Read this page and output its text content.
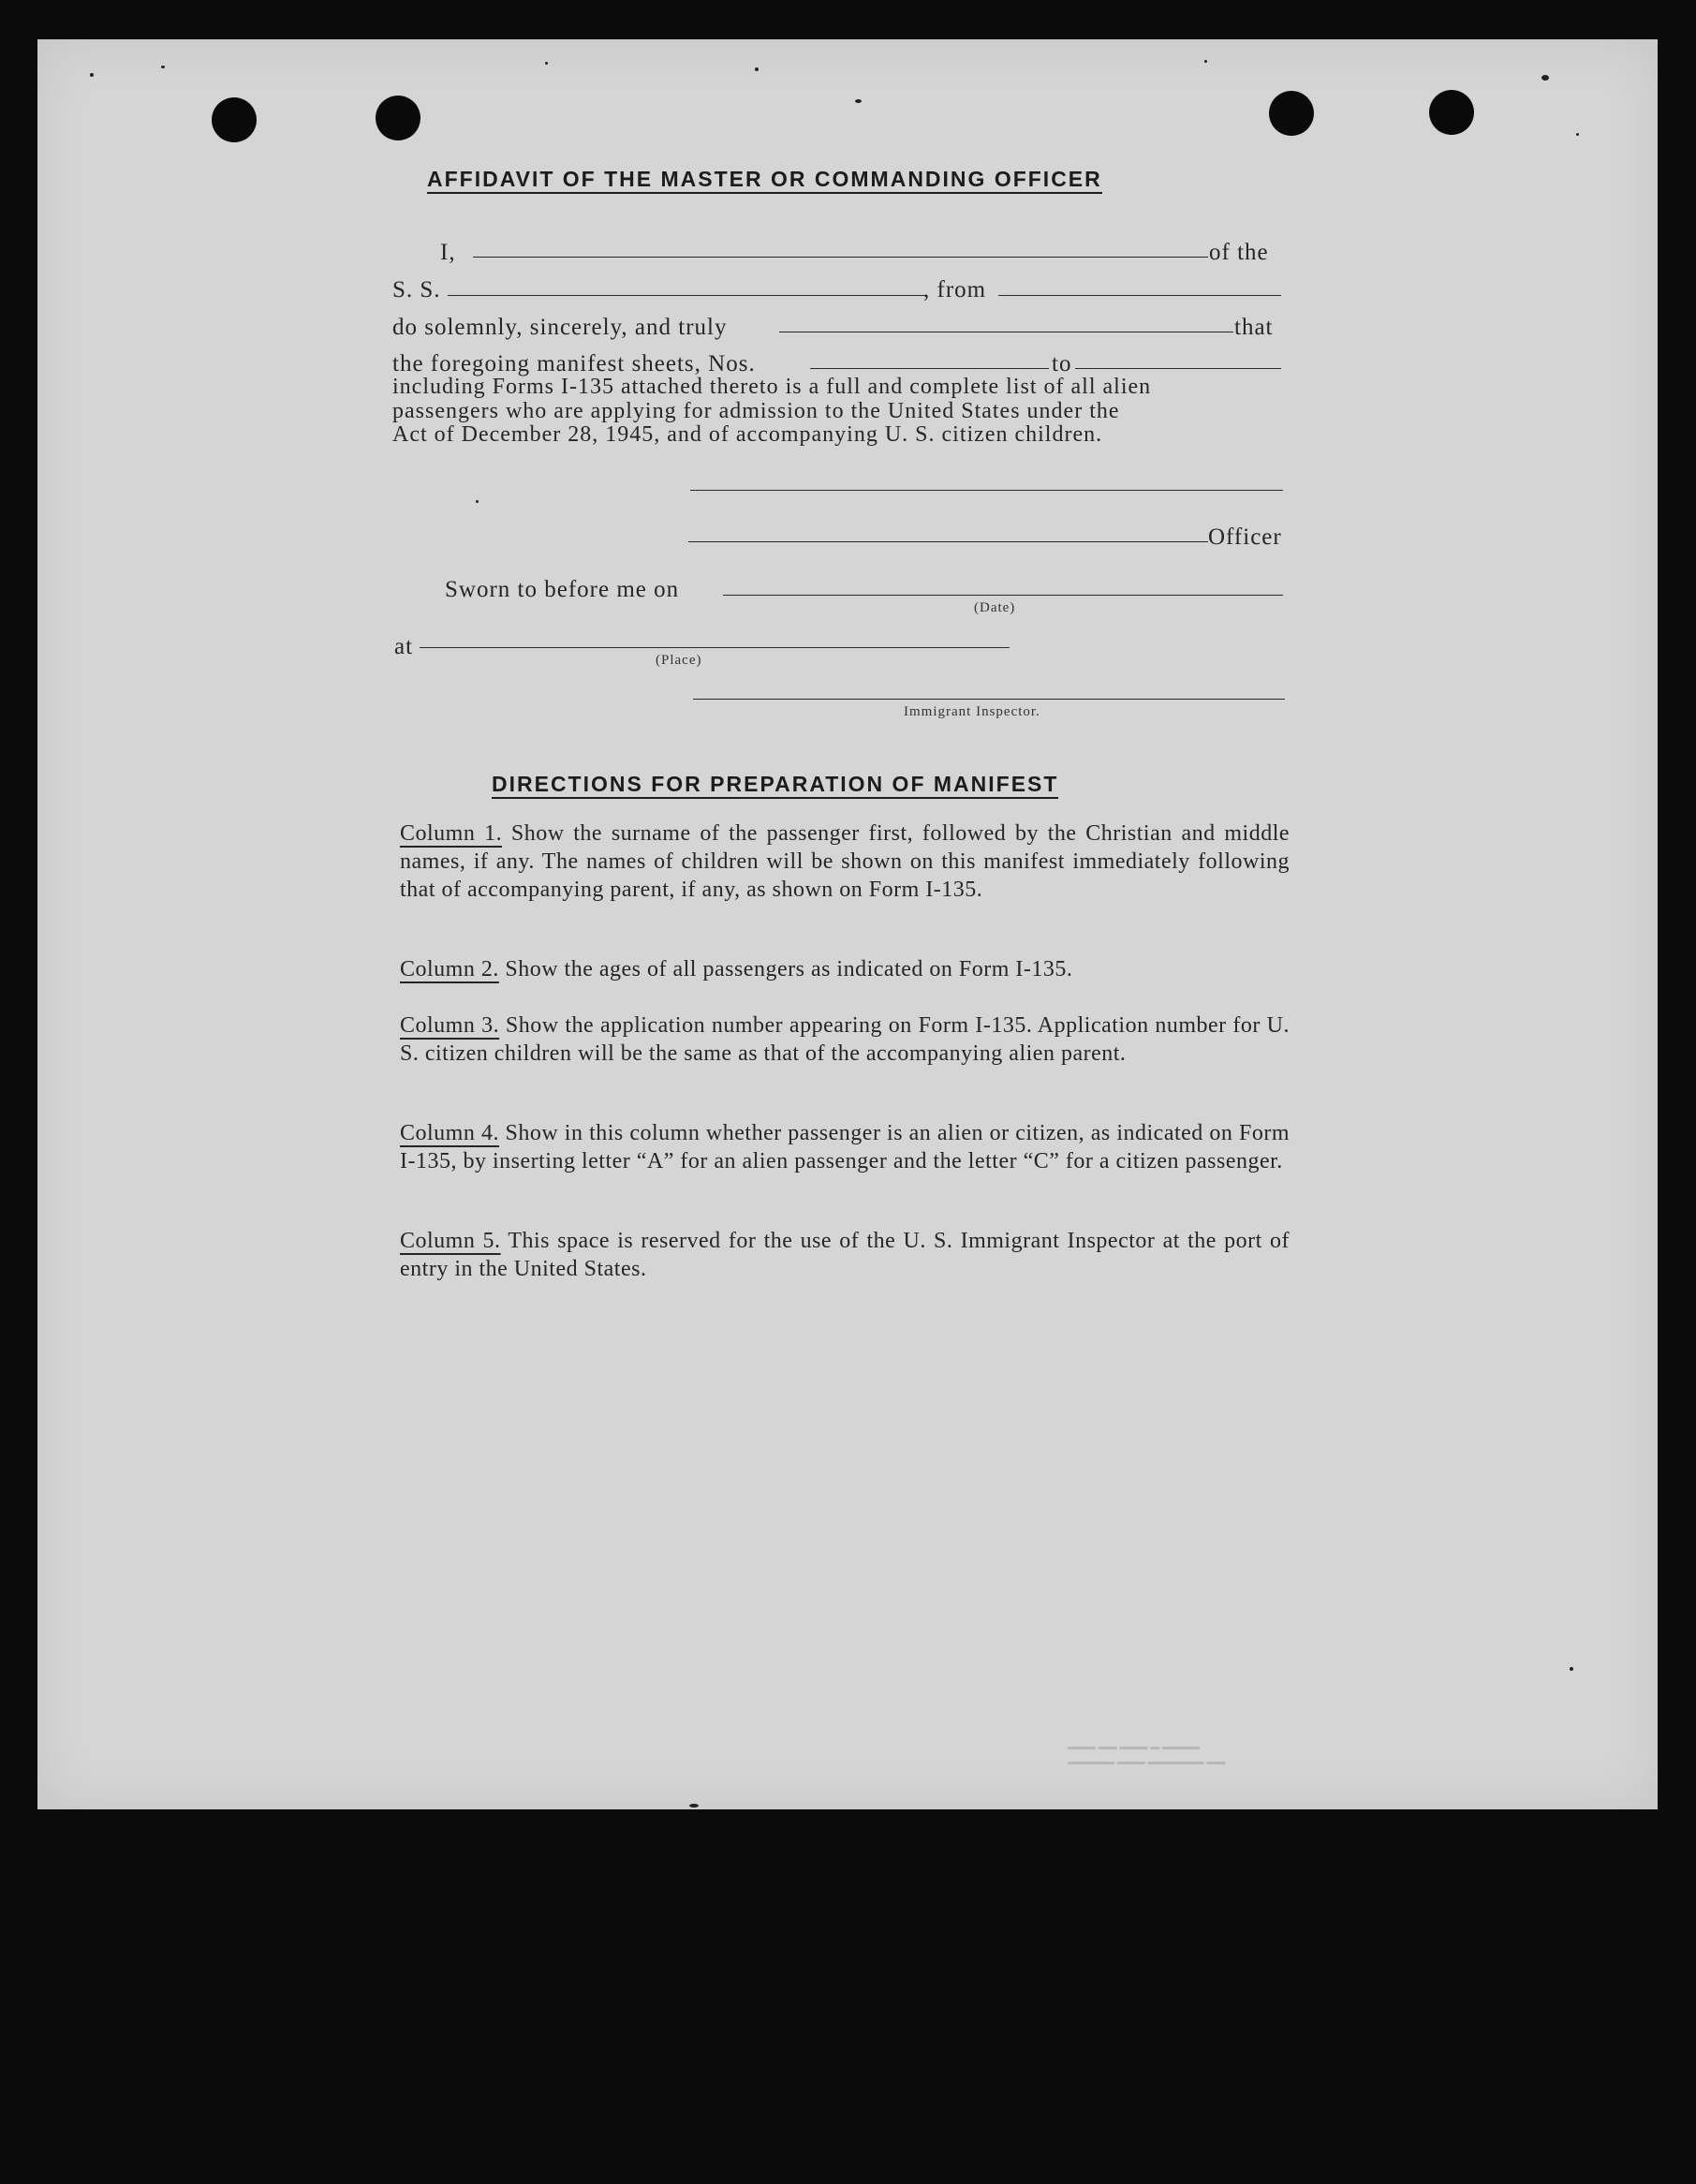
▬▬▬ ▬▬ ▬▬▬ ▬ ▬▬▬▬
▬▬▬▬▬ ▬▬▬ ▬▬▬▬▬▬ ▬▬
AFFIDAVIT OF THE MASTER OR COMMANDING OFFICER
I,	of the
S. S.	, from
do solemnly, sincerely, and truly	that
the foregoing manifest sheets, Nos.	to
including Forms I-135 attached thereto is a full and complete list of all alien
passengers who are applying for admission to the United States under the
Act of December 28, 1945, and of accompanying U. S. citizen children.
Officer
Sworn to before me on
(Date)
at
(Place)
Immigrant Inspector.
DIRECTIONS FOR PREPARATION OF MANIFEST
Column 1. Show the surname of the passenger first, followed by the Christian and middle names, if any. The names of children will be shown on this manifest immediately following that of accompanying parent, if any, as shown on Form I-135.
Column 2. Show the ages of all passengers as indicated on Form I-135.
Column 3. Show the application number appearing on Form I-135. Application number for U. S. citizen children will be the same as that of the accompanying alien parent.
Column 4. Show in this column whether passenger is an alien or citizen, as indicated on Form I-135, by inserting letter “A” for an alien passenger and the letter “C” for a citizen passenger.
Column 5. This space is reserved for the use of the U. S. Immigrant Inspector at the port of entry in the United States.
